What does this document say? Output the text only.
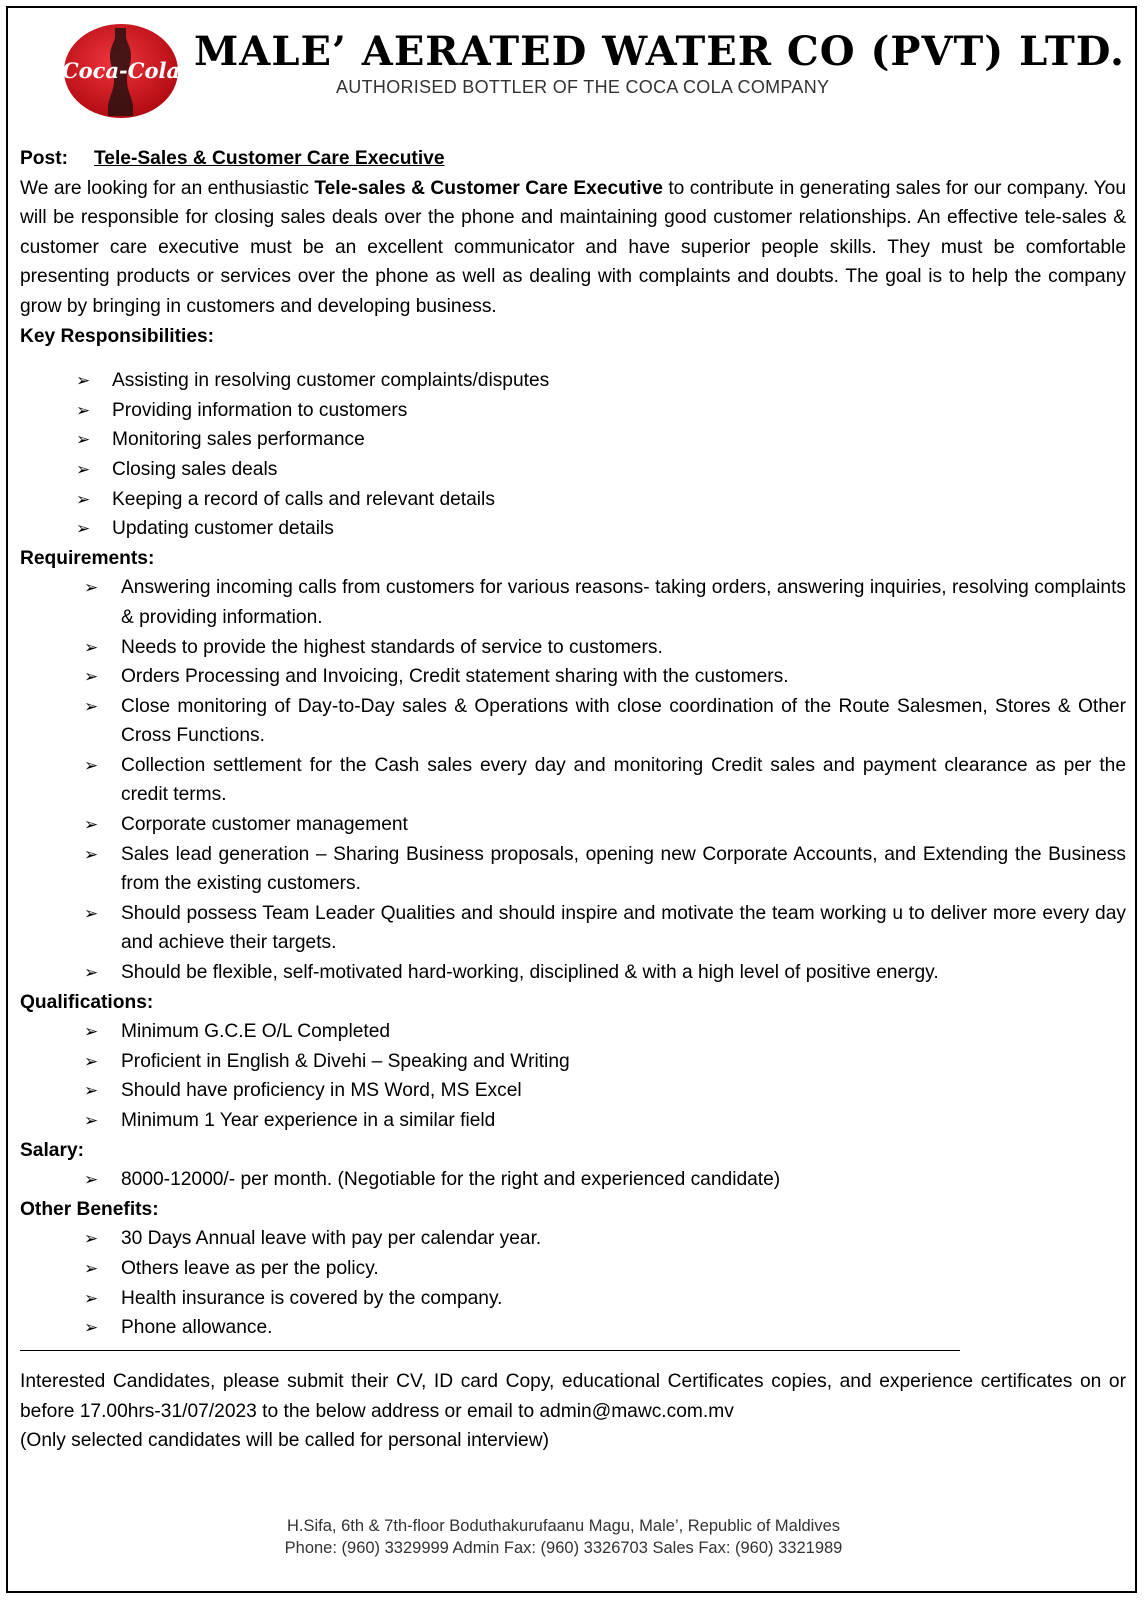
Coca-Cola MALE’ AERATED WATER CO (PVT) LTD.
AUTHORISED BOTTLER OF THE COCA COLA COMPANY

Post: Tele-Sales & Customer Care Executive

We are looking for an enthusiastic Tele-sales & Customer Care Executive to contribute in generating sales for our company. You will be responsible for closing sales deals over the phone and maintaining good customer relationships. An effective tele-sales & customer care executive must be an excellent communicator and have superior people skills. They must be comfortable presenting products or services over the phone as well as dealing with complaints and doubts. The goal is to help the company grow by bringing in customers and developing business.

Key Responsibilities:
➢ Assisting in resolving customer complaints/disputes
➢ Providing information to customers
➢ Monitoring sales performance
➢ Closing sales deals
➢ Keeping a record of calls and relevant details
➢ Updating customer details
Requirements:
➢ Answering incoming calls from customers for various reasons- taking orders, answering inquiries, resolving complaints & providing information.
➢ Needs to provide the highest standards of service to customers.
➢ Orders Processing and Invoicing, Credit statement sharing with the customers.
➢ Close monitoring of Day-to-Day sales & Operations with close coordination of the Route Salesmen, Stores & Other Cross Functions.
➢ Collection settlement for the Cash sales every day and monitoring Credit sales and payment clearance as per the credit terms.
➢ Corporate customer management
➢ Sales lead generation – Sharing Business proposals, opening new Corporate Accounts, and Extending the Business from the existing customers.
➢ Should possess Team Leader Qualities and should inspire and motivate the team working u to deliver more every day and achieve their targets.
➢ Should be flexible, self-motivated hard-working, disciplined & with a high level of positive energy.
Qualifications:
➢ Minimum G.C.E O/L Completed
➢ Proficient in English & Divehi – Speaking and Writing
➢ Should have proficiency in MS Word, MS Excel
➢ Minimum 1 Year experience in a similar field
Salary:
➢ 8000-12000/- per month. (Negotiable for the right and experienced candidate)
Other Benefits:
➢ 30 Days Annual leave with pay per calendar year.
➢ Others leave as per the policy.
➢ Health insurance is covered by the company.
➢ Phone allowance.

Interested Candidates, please submit their CV, ID card Copy, educational Certificates copies, and experience certificates on or before 17.00hrs-31/07/2023 to the below address or email to admin@mawc.com.mv

(Only selected candidates will be called for personal interview)

H.Sifa, 6th & 7th-floor Boduthakurufaanu Magu, Male’, Republic of Maldives
Phone: (960) 3329999 Admin Fax: (960) 3326703 Sales Fax: (960) 3321989
